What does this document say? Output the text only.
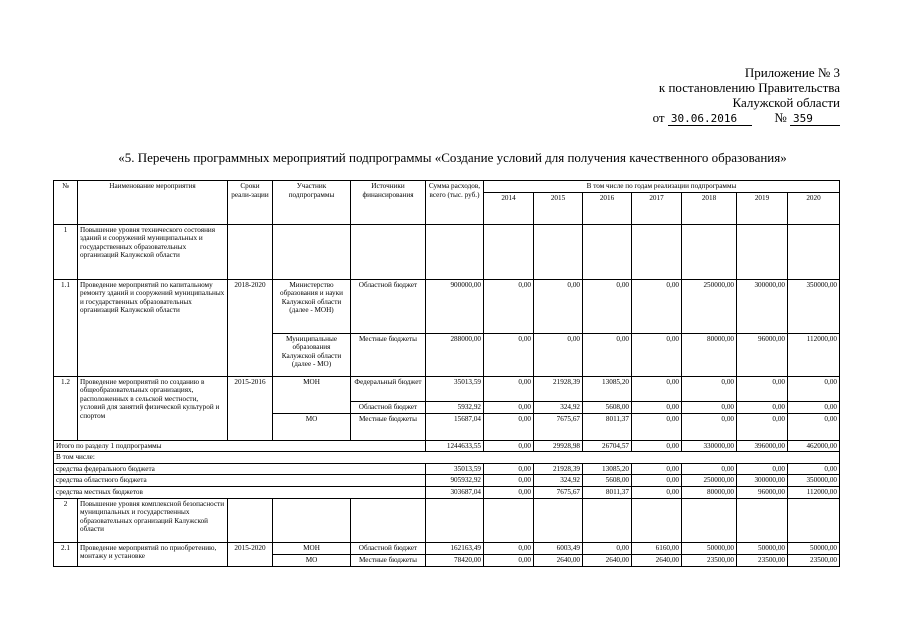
Приложение № 3
к постановлению Правительства
Калужской области
от 30.06.2016	№ 359
«5. Перечень программных мероприятий подпрограммы «Создание условий для получения качественного образования»
№	Наименование мероприятия	Сроки реали-зации	Участник подпрограммы	Источники финансирования	Сумма расходов, всего (тыс. руб.)	В том числе по годам реализации подпрограммы						
						2014	2015	2016	2017	2018	2019	2020
1	Повышение уровня технического состояния зданий и сооружений муниципальных и государственных образовательных организаций Калужской области											
1.1	Проведение мероприятий по капитальному ремонту зданий и сооружений муниципальных и государственных образовательных организаций Калужской области	2018-2020	Министерство образования и науки Калужской области (далее - МОН)	Областной бюджет	900000,00	0,00	0,00	0,00	0,00	250000,00	300000,00	350000,00
			Муниципальные образования Калужской области (далее - МО)	Местные бюджеты	288000,00	0,00	0,00	0,00	0,00	80000,00	96000,00	112000,00
1.2	Проведение мероприятий по созданию в общеобразовательных организациях, расположенных в сельской местности, условий для занятий физической культурой и спортом	2015-2016	МОН	Федеральный бюджет	35013,59	0,00	21928,39	13085,20	0,00	0,00	0,00	0,00
				Областной бюджет	5932,92	0,00	324,92	5608,00	0,00	0,00	0,00	0,00
			МО	Местные бюджеты	15687,04	0,00	7675,67	8011,37	0,00	0,00	0,00	0,00
Итого по разделу 1 подпрограммы					1244633,55	0,00	29928,98	26704,57	0,00	330000,00	396000,00	462000,00
В том числе:												
средства федерального бюджета					35013,59	0,00	21928,39	13085,20	0,00	0,00	0,00	0,00
средства областного бюджета					905932,92	0,00	324,92	5608,00	0,00	250000,00	300000,00	350000,00
средства местных бюджетов					303687,04	0,00	7675,67	8011,37	0,00	80000,00	96000,00	112000,00
2	Повышение уровня комплексной безопасности муниципальных и государственных образовательных организаций Калужской области											
2.1	Проведение мероприятий по приобретению, монтажу и установке	2015-2020	МОН	Областной бюджет	162163,49	0,00	6003,49	0,00	6160,00	50000,00	50000,00	50000,00
			МО	Местные бюджеты	78420,00	0,00	2640,00	2640,00	2640,00	23500,00	23500,00	23500,00
